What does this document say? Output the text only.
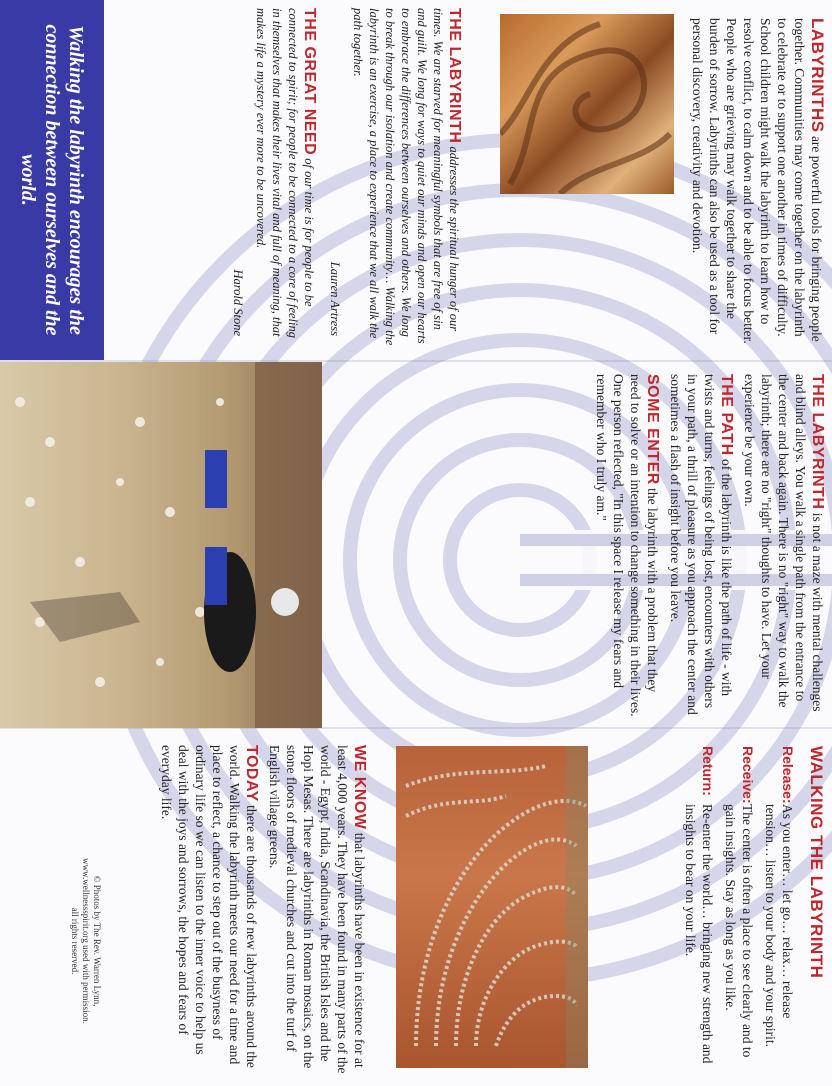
Walking the labyrinth encourages the connection between ourselves and the world.
THE LABYRINTH addresses the spiritual hunger of our times. We are starved for meaningful symbols that are free of sin and guilt. We long for ways to quiet our minds and open our hearts to embrace the differences between ourselves and others. We long to break through our isolation and create community… Walking the labyrinth is an exercise, a place to experience that we all walk the path together.
Lauren Artress
THE GREAT NEED of our time is for people to be connected to spirit; for people to be connected to a core of feeling in themselves that makes their lives vital and full of meaning, that makes life a mystery ever more to be uncovered.
Harold Stone
LABYRINTHS are powerful tools for bringing people together. Communities may come together on the labyrinth to celebrate or to support one another in times of difficulty. School children might walk the labyrinth to learn how to resolve conflict, to calm down and to be able to focus better. People who are grieving may walk together to share the burden of sorrow. Labyrinths can also be used as a tool for personal discovery, creativity and devotion.

THE LABYRINTH is not a maze with mental challenges and blind alleys. You walk a single path from the entrance to the center and back again. There is no "right" way to walk the labyrinth; there are no "right" thoughts to have. Let your experience be your own.

THE PATH of the labyrinth is like the path of life - with twists and turns, feelings of being lost, encounters with others in your path, a thrill of pleasure as you approach the center and sometimes a flash of insight before you leave.

SOME ENTER the labyrinth with a problem that they need to solve or an intention to change something in their lives. One person reflected, "In this space I release my fears and remember who I truly am."

© Photos by The Rev. Warren Lynn,
www.wellnessspirit.org used with permission.
all rights reserved.

WE KNOW that labyrinths have been in existence for at least 4,000 years. They have been found in many parts of the world - Egypt, India, Scandinavia, the British Isles and the Hopi Mesas. There are labyrinths in Roman mosaics, on the stone floors of medieval churches and cut into the turf of English village greens.

TODAY there are thousands of new labyrinths around the world. Walking the labyrinth meets our need for a time and place to reflect, a chance to step out of the busyness of ordinary life so we can listen to the inner voice to help us deal with the joys and sorrows, the hopes and fears of everyday life.	WALKING THE LABYRINTH
Release:
As you enter… let go… relax… release tension… listen to your body and your spirit.
Receive:
The center is often a place to see clearly and to gain insights. Stay as long as you like.
Return:
Re-enter the world… bringing new strength and insights to bear on your life.
